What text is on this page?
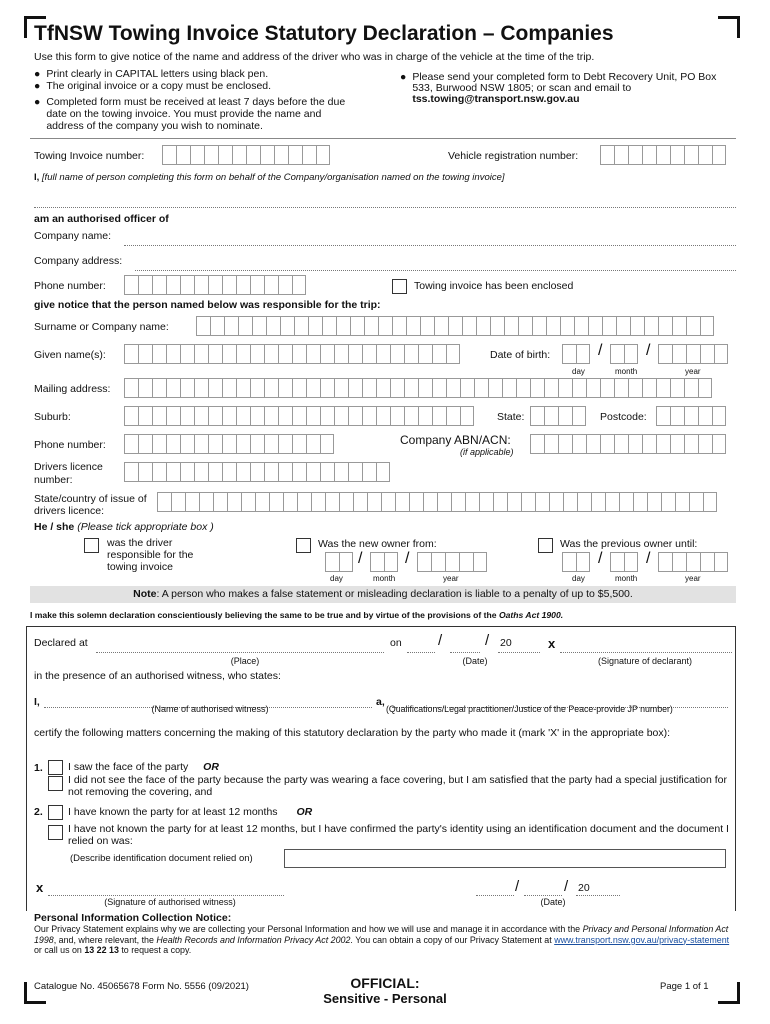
TfNSW Towing Invoice Statutory Declaration – Companies
Use this form to give notice of the name and address of the driver who was in charge of the vehicle at the time of the trip.
● Print clearly in CAPITAL letters using black pen.
● The original invoice or a copy must be enclosed.
● Completed form must be received at least 7 days before the due date on the towing invoice. You must provide the name and address of the company you wish to nominate.
● Please send your completed form to Debt Recovery Unit, PO Box 533, Burwood NSW 1805; or scan and email to
tss.towing@transport.nsw.gov.au
Towing Invoice number:	Vehicle registration number:
I, [full name of person completing this form on behalf of the Company/organisation named on the towing invoice]
am an authorised officer of
Company name:
Company address:
Phone number:	Towing invoice has been enclosed
give notice that the person named below was responsible for the trip:
Surname or Company name:
Given name(s):	Date of birth:	/	/
day	month	year
Mailing address:
Suburb:	State:	Postcode:
Phone number:	Company ABN/ACN:
(if applicable)
Drivers licence number:
State/country of issue of drivers licence:
He / she (Please tick appropriate box )
was the driver responsible for the towing invoice
Was the new owner from:
/	/
day	month	year
Was the previous owner until:
/	/
day	month	year
Note: A person who makes a false statement or misleading declaration is liable to a penalty of up to $5,500.
I make this solemn declaration conscientiously believing the same to be true and by virtue of the provisions of the Oaths Act 1900.
Declared at	on /	/ 20	x
(Place)	(Date)	(Signature of declarant)
in the presence of an authorised witness, who states:
I,	a,
(Name of authorised witness)	(Qualifications/Legal practitioner/Justice of the Peace-provide JP number)
certify the following matters concerning the making of this statutory declaration by the party who made it (mark 'X' in the appropriate box):
1. I saw the face of the party OR
I did not see the face of the party because the party was wearing a face covering, but I am satisfied that the party had a special justification for not removing the covering, and
2. I have known the party for at least 12 months OR
I have not known the party for at least 12 months, but I have confirmed the party's identity using an identification document and the document I relied on was:
(Describe identification document relied on)
x
(Signature of authorised witness)
/	/ 20
(Date)
Personal Information Collection Notice:
Our Privacy Statement explains why we are collecting your Personal Information and how we will use and manage it in accordance with the Privacy and Personal Information Act 1998, and, where relevant, the Health Records and Information Privacy Act 2002. You can obtain a copy of our Privacy Statement at www.transport.nsw.gov.au/privacy-statement or call us on 13 22 13 to request a copy.
Catalogue No. 45065678 Form No. 5556 (09/2021)	OFFICIAL:
Sensitive - Personal
Page 1 of 1
